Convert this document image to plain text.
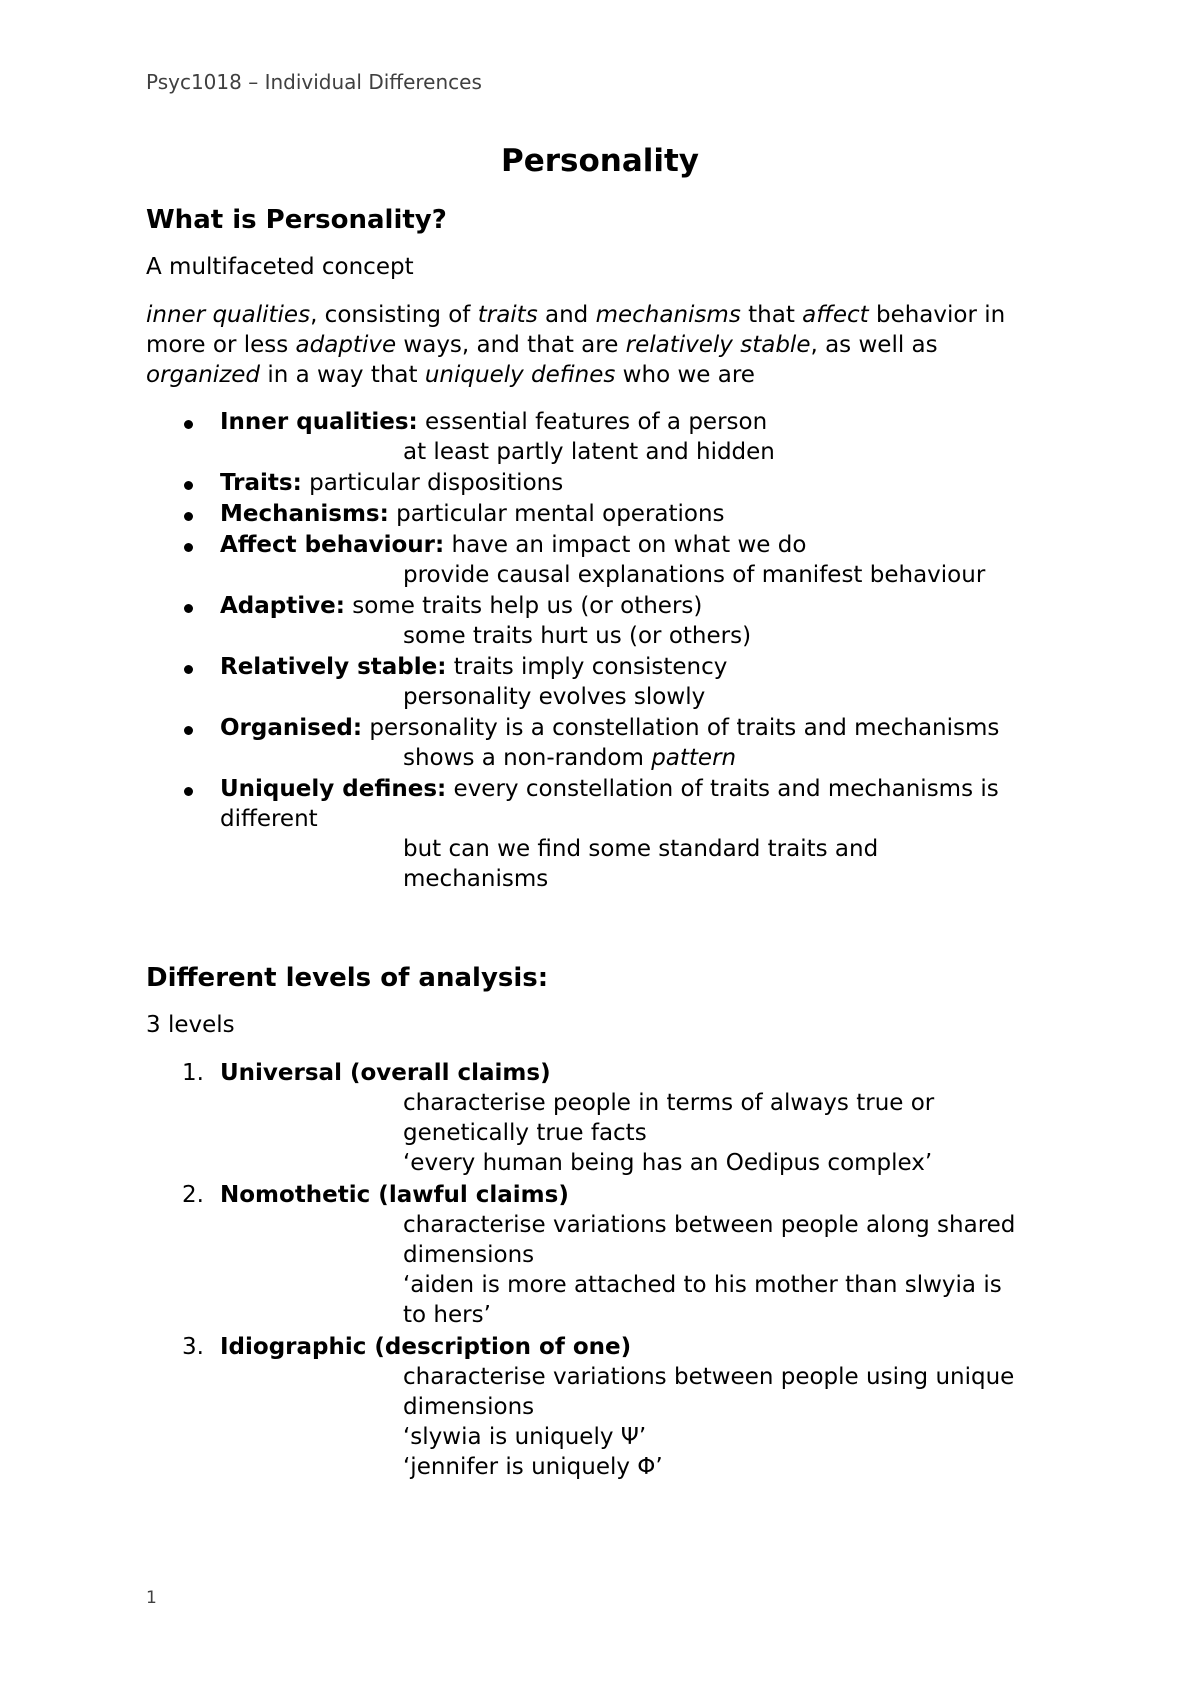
Psyc1018 – Individual Differences
Personality
What is Personality?

A multifaceted concept

inner qualities, consisting of traits and mechanisms that affect behavior in
more or less adaptive ways, and that are relatively stable, as well as
organized in a way that uniquely defines who we are

Inner qualities: essential features of a person
at least partly latent and hidden
Traits: particular dispositions
Mechanisms: particular mental operations
Affect behaviour: have an impact on what we do
provide causal explanations of manifest behaviour
Adaptive: some traits help us (or others)
some traits hurt us (or others)
Relatively stable: traits imply consistency
personality evolves slowly
Organised: personality is a constellation of traits and mechanisms
shows a non-random pattern
Uniquely defines: every constellation of traits and mechanisms is
different
but can we find some standard traits and
mechanisms
Different levels of analysis:

3 levels

1. Universal (overall claims)
characterise people in terms of always true or
genetically true facts
‘every human being has an Oedipus complex’
2. Nomothetic (lawful claims)
characterise variations between people along shared
dimensions
‘aiden is more attached to his mother than slwyia is
to hers’
3. Idiographic (description of one)
characterise variations between people using unique
dimensions
‘slywia is uniquely Ψ’
‘jennifer is uniquely Φ’
1
